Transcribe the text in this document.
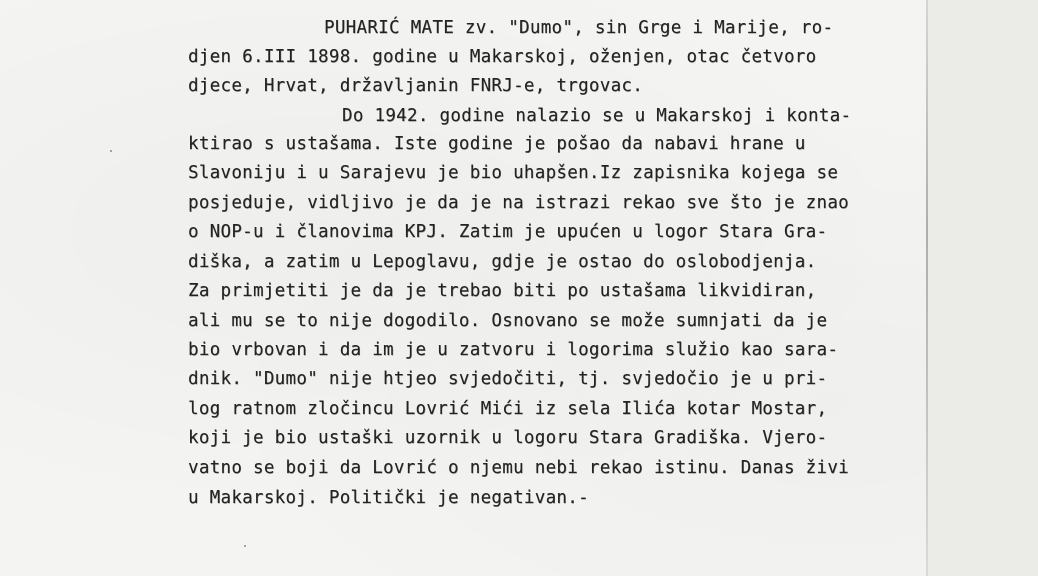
PUHARIĆ MATE zv. "Dumo", sin Grge i Marije, ro-
djen 6.III 1898. godine u Makarskoj, oženjen, otac četvoro
djece, Hrvat, državljanin FNRJ-e, trgovac.
Do 1942. godine nalazio se u Makarskoj i konta-
ktirao s ustašama. Iste godine je pošao da nabavi hrane u
Slavoniju i u Sarajevu je bio uhapšen.Iz zapisnika kojega se
posjeduje, vidljivo je da je na istrazi rekao sve što je znao
o NOP-u i članovima KPJ. Zatim je upućen u logor Stara Gra-
diška, a zatim u Lepoglavu, gdje je ostao do oslobodjenja.
Za primjetiti je da je trebao biti po ustašama likvidiran,
ali mu se to nije dogodilo. Osnovano se može sumnjati da je
bio vrbovan i da im je u zatvoru i logorima služio kao sara-
dnik. "Dumo" nije htjeo svjedočiti, tj. svjedočio je u pri-
log ratnom zločincu Lovrić Mići iz sela Ilića kotar Mostar,
koji je bio ustaški uzornik u logoru Stara Gradiška. Vjero-
vatno se boji da Lovrić o njemu nebi rekao istinu. Danas živi
u Makarskoj. Politički je negativan.-
